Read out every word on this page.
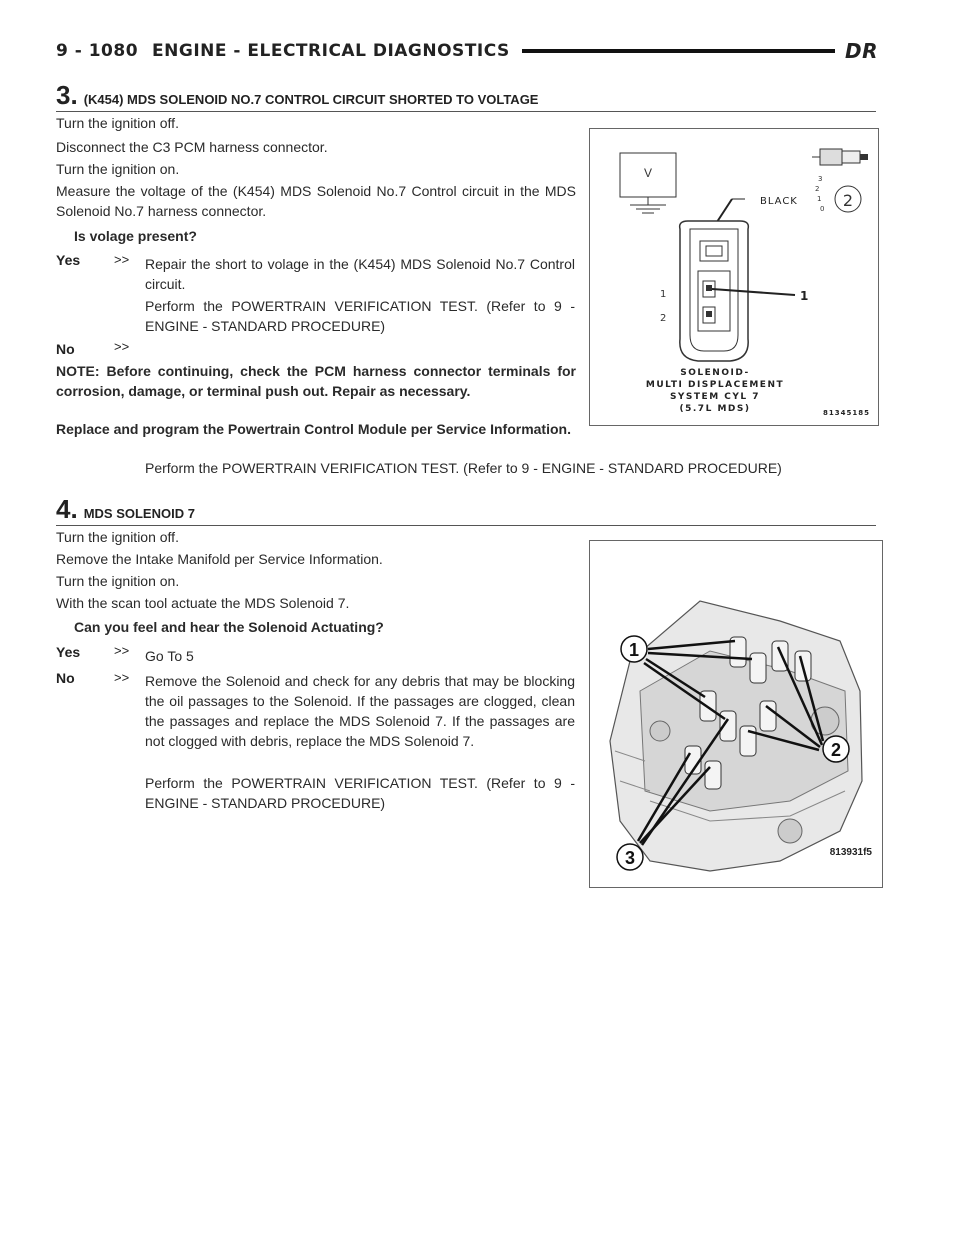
9 - 1080 ENGINE - ELECTRICAL DIAGNOSTICS	DR
3. (K454) MDS SOLENOID NO.7 CONTROL CIRCUIT SHORTED TO VOLTAGE
Turn the ignition off.
Disconnect the C3 PCM harness connector.
Turn the ignition on.
Measure the voltage of the (K454) MDS Solenoid No.7 Control circuit in the MDS Solenoid No.7 harness connector.
Is volage present?
Yes	>> Repair the short to volage in the (K454) MDS Solenoid No.7 Control circuit.
Perform the POWERTRAIN VERIFICATION TEST. (Refer to 9 - ENGINE - STANDARD PROCEDURE)
No	>>
NOTE: Before continuing, check the PCM harness connector terminals for corrosion, damage, or terminal push out. Repair as necessary.
Replace and program the Powertrain Control Module per Service Information.
Perform the POWERTRAIN VERIFICATION TEST. (Refer to 9 - ENGINE - STANDARD PROCEDURE)
V
BLACK
3
2
1
0 2
1
2
1
SOLENOID-
MULTI DISPLACEMENT
SYSTEM CYL 7
(5.7L MDS)	81345185
4. MDS SOLENOID 7
Turn the ignition off.
Remove the Intake Manifold per Service Information.
Turn the ignition on.
With the scan tool actuate the MDS Solenoid 7.
Can you feel and hear the Solenoid Actuating?
Yes	>> Go To 5
No	>> Remove the Solenoid and check for any debris that may be blocking the oil passages to the Solenoid. If the passages are clogged, clean the passages and replace the MDS Solenoid 7. If the passages are not clogged with debris, replace the MDS Solenoid 7.
Perform the POWERTRAIN VERIFICATION TEST. (Refer to 9 - ENGINE - STANDARD PROCEDURE)
1
2
3	813931f5
